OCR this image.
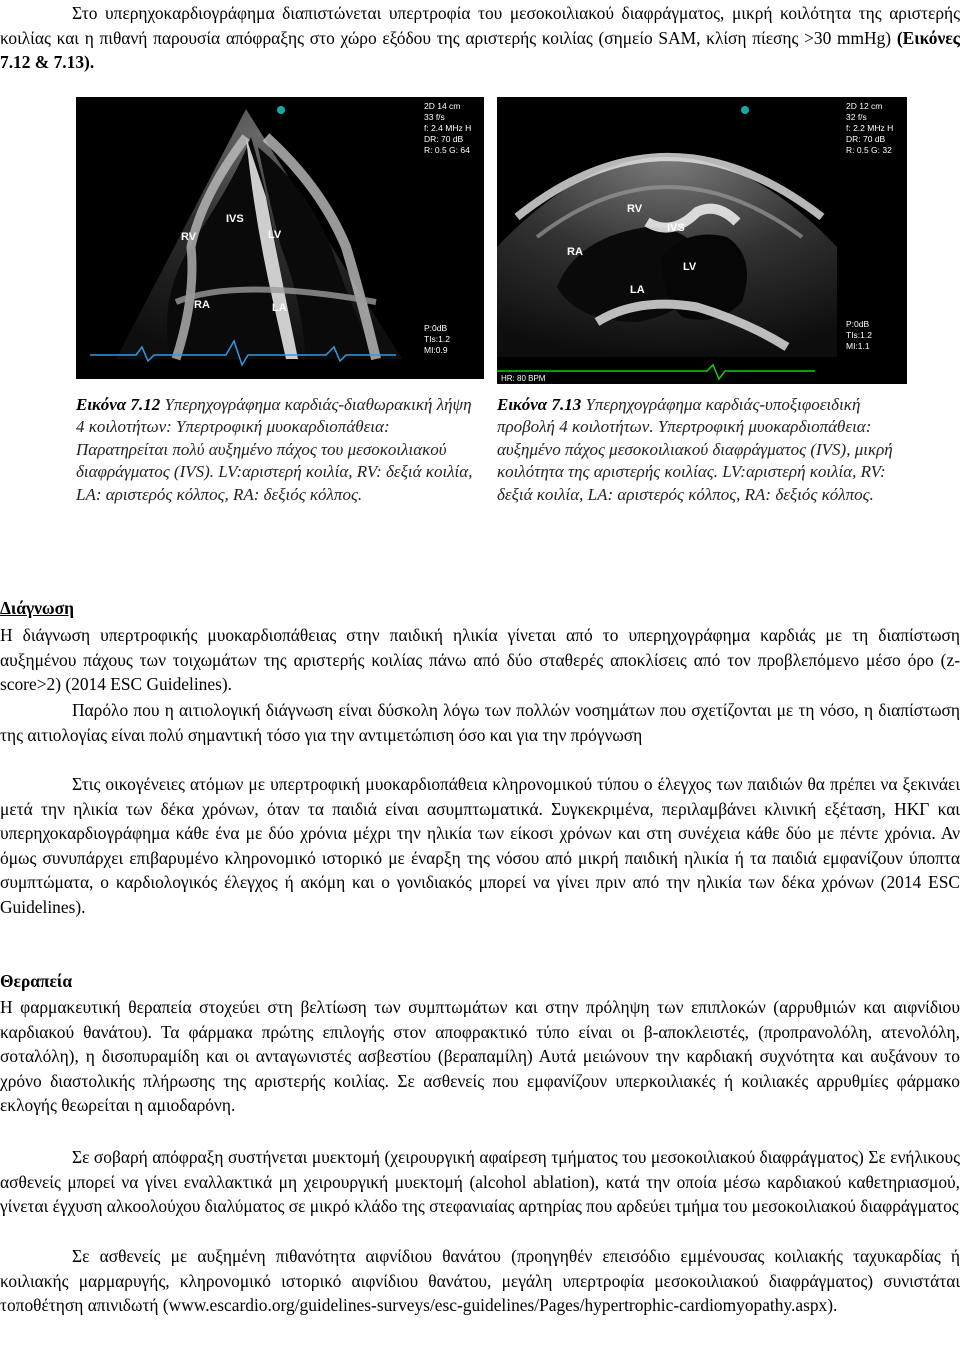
Στο υπερηχοκαρδιογράφημα διαπιστώνεται υπερτροφία του μεσοκοιλιακού διαφράγματος, μικρή κοιλότητα της αριστερής κοιλίας και η πιθανή παρουσία απόφραξης στο χώρο εξόδου της αριστερής κοιλίας (σημείο SAM, κλίση πίεσης >30 mmHg) (Εικόνες 7.12 & 7.13).
IVS
RV	LV
RA	LA
2D 14 cm
33 f/s
f: 2.4 MHz H
DR: 70 dB
R: 0.5 G: 64
P:0dB
TIs:1.2
MI:0.9
Εικόνα 7.12 Υπερηχογράφημα καρδιάς-διαθωρακική λήψη 4 κοιλοτήτων: Υπερτροφική μυοκαρδιοπάθεια: Παρατηρείται πολύ αυξημένο πάχος του μεσοκοιλιακού διαφράγματος (IVS). LV:αριστερή κοιλία, RV: δεξιά κοιλία, LA: αριστερός κόλπος, RA: δεξιός κόλπος.
HR: 80 BPM
RV
IVS
RA
LV
LA
2D 12 cm
32 f/s
f: 2.2 MHz H
DR: 70 dB
R: 0.5 G: 32
P:0dB
TIs:1.2
MI:1.1
Εικόνα 7.13 Υπερηχογράφημα καρδιάς-υποξιφοειδική προβολή 4 κοιλοτήτων. Υπερτροφική μυοκαρδιοπάθεια: αυξημένο πάχος μεσοκοιλιακού διαφράγματος (IVS), μικρή κοιλότητα της αριστερής κοιλίας. LV:αριστερή κοιλία, RV: δεξιά κοιλία, LA: αριστερός κόλπος, RA: δεξιός κόλπος.
Διάγνωση
Η διάγνωση υπερτροφικής μυοκαρδιοπάθειας στην παιδική ηλικία γίνεται από το υπερηχογράφημα καρδιάς με τη διαπίστωση αυξημένου πάχους των τοιχωμάτων της αριστερής κοιλίας πάνω από δύο σταθερές αποκλίσεις από τον προβλεπόμενο μέσο όρο (z-score>2) (2014 ESC Guidelines).
Παρόλο που η αιτιολογική διάγνωση είναι δύσκολη λόγω των πολλών νοσημάτων που σχετίζονται με τη νόσο, η διαπίστωση της αιτιολογίας είναι πολύ σημαντική τόσο για την αντιμετώπιση όσο και για την πρόγνωση
Στις οικογένειες ατόμων με υπερτροφική μυοκαρδιοπάθεια κληρονομικού τύπου ο έλεγχος των παιδιών θα πρέπει να ξεκινάει μετά την ηλικία των δέκα χρόνων, όταν τα παιδιά είναι ασυμπτωματικά. Συγκεκριμένα, περιλαμβάνει κλινική εξέταση, ΗΚΓ και υπερηχοκαρδιογράφημα κάθε ένα με δύο χρόνια μέχρι την ηλικία των είκοσι χρόνων και στη συνέχεια κάθε δύο με πέντε χρόνια. Αν όμως συνυπάρχει επιβαρυμένο κληρονομικό ιστορικό με έναρξη της νόσου από μικρή παιδική ηλικία ή τα παιδιά εμφανίζουν ύποπτα συμπτώματα, ο καρδιολογικός έλεγχος ή ακόμη και ο γονιδιακός μπορεί να γίνει πριν από την ηλικία των δέκα χρόνων (2014 ESC Guidelines).
Θεραπεία
Η φαρμακευτική θεραπεία στοχεύει στη βελτίωση των συμπτωμάτων και στην πρόληψη των επιπλοκών (αρρυθμιών και αιφνίδιου καρδιακού θανάτου). Τα φάρμακα πρώτης επιλογής στον αποφρακτικό τύπο είναι οι β-αποκλειστές, (προπρανολόλη, ατενολόλη, σοταλόλη), η δισοπυραμίδη και οι ανταγωνιστές ασβεστίου (βεραπαμίλη) Αυτά μειώνουν την καρδιακή συχνότητα και αυξάνουν το χρόνο διαστολικής πλήρωσης της αριστερής κοιλίας. Σε ασθενείς που εμφανίζουν υπερκοιλιακές ή κοιλιακές αρρυθμίες φάρμακο εκλογής θεωρείται η αμιοδαρόνη.
Σε σοβαρή απόφραξη συστήνεται μυεκτομή (χειρουργική αφαίρεση τμήματος του μεσοκοιλιακού διαφράγματος) Σε ενήλικους ασθενείς μπορεί να γίνει εναλλακτικά μη χειρουργική μυεκτομή (alcohol ablation), κατά την οποία μέσω καρδιακού καθετηριασμού, γίνεται έγχυση αλκοολούχου διαλύματος σε μικρό κλάδο της στεφανιαίας αρτηρίας που αρδεύει τμήμα του μεσοκοιλιακού διαφράγματος
Σε ασθενείς με αυξημένη πιθανότητα αιφνίδιου θανάτου (προηγηθέν επεισόδιο εμμένουσας κοιλιακής ταχυκαρδίας ή κοιλιακής μαρμαρυγής, κληρονομικό ιστορικό αιφνίδιου θανάτου, μεγάλη υπερτροφία μεσοκοιλιακού διαφράγματος) συνιστάται τοποθέτηση απινιδωτή (www.escardio.org/guidelines-surveys/esc-guidelines/Pages/hypertrophic-cardiomyopathy.aspx).
